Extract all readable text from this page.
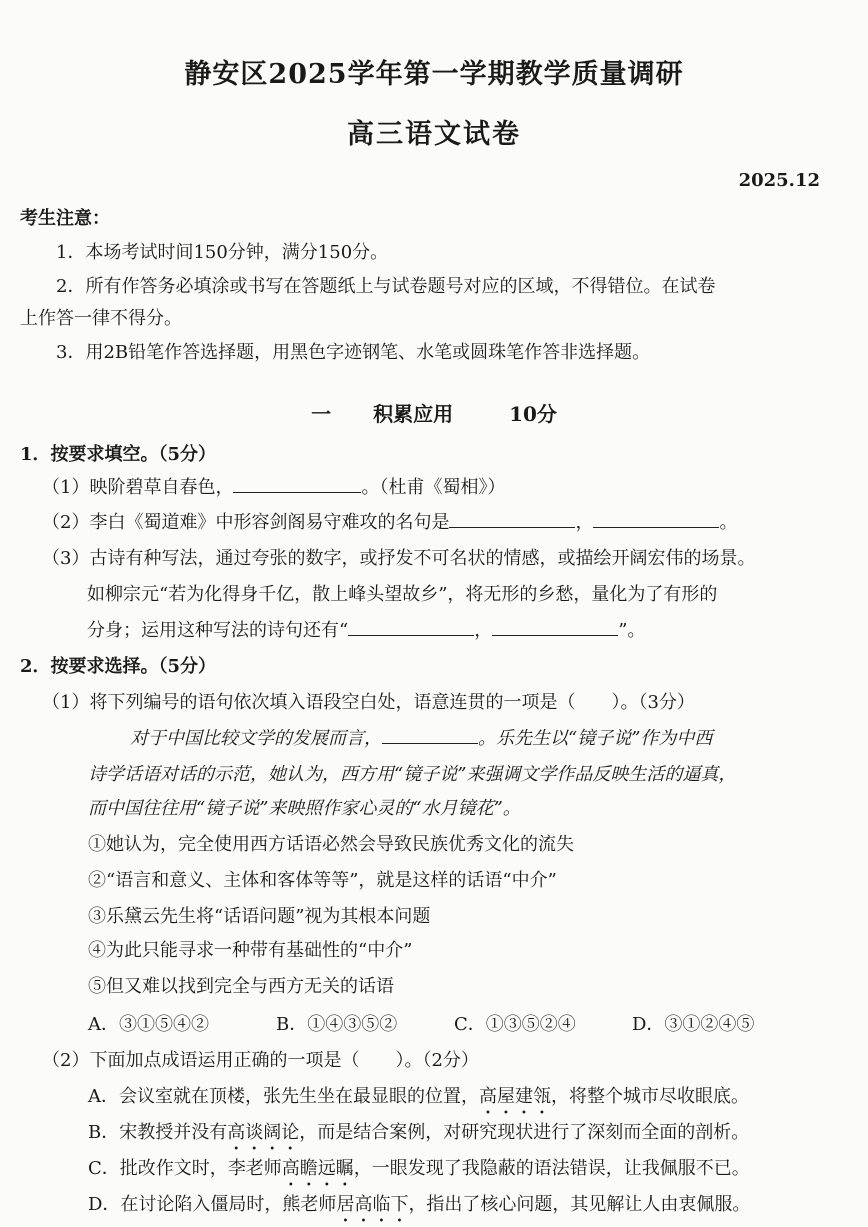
静安区2025学年第一学期教学质量调研
高三语文试卷
2025.12
考生注意：
1．本场考试时间150分钟，满分150分。
2．所有作答务必填涂或书写在答题纸上与试卷题号对应的区域，不得错位。在试卷
上作答一律不得分。
3．用2B铅笔作答选择题，用黑色字迹钢笔、水笔或圆珠笔作答非选择题。
一 积累应用	10分
1．按要求填空。（5分）
（1）映阶碧草自春色，	。（杜甫《蜀相》）
（2）李白《蜀道难》中形容剑阁易守难攻的名句是	，	。
（3）古诗有种写法，通过夸张的数字，或抒发不可名状的情感，或描绘开阔宏伟的场景。
如柳宗元“若为化得身千亿，散上峰头望故乡”，将无形的乡愁，量化为了有形的
分身；运用这种写法的诗句还有“	，	”。
2．按要求选择。（5分）
（1）将下列编号的语句依次填入语段空白处，语意连贯的一项是（　　）。（3分）
对于中国比较文学的发展而言，	。乐先生以“镜子说”作为中西
诗学话语对话的示范，她认为，西方用“镜子说”来强调文学作品反映生活的逼真，
而中国往往用“镜子说”来映照作家心灵的“水月镜花”。
①她认为，完全使用西方话语必然会导致民族优秀文化的流失
②“语言和意义、主体和客体等等”，就是这样的话语“中介”
③乐黛云先生将“话语问题”视为其根本问题
④为此只能寻求一种带有基础性的“中介”
⑤但又难以找到完全与西方无关的话语
A．③①⑤④②	B．①④③⑤②	C．①③⑤②④	D．③①②④⑤
（2）下面加点成语运用正确的一项是（　　）。（2分）
A．会议室就在顶楼，张先生坐在最显眼的位置，高屋建瓴，将整个城市尽收眼底。
B．宋教授并没有高谈阔论，而是结合案例，对研究现状进行了深刻而全面的剖析。
C．批改作文时，李老师高瞻远瞩，一眼发现了我隐蔽的语法错误，让我佩服不已。
D．在讨论陷入僵局时，熊老师居高临下，指出了核心问题，其见解让人由衷佩服。
